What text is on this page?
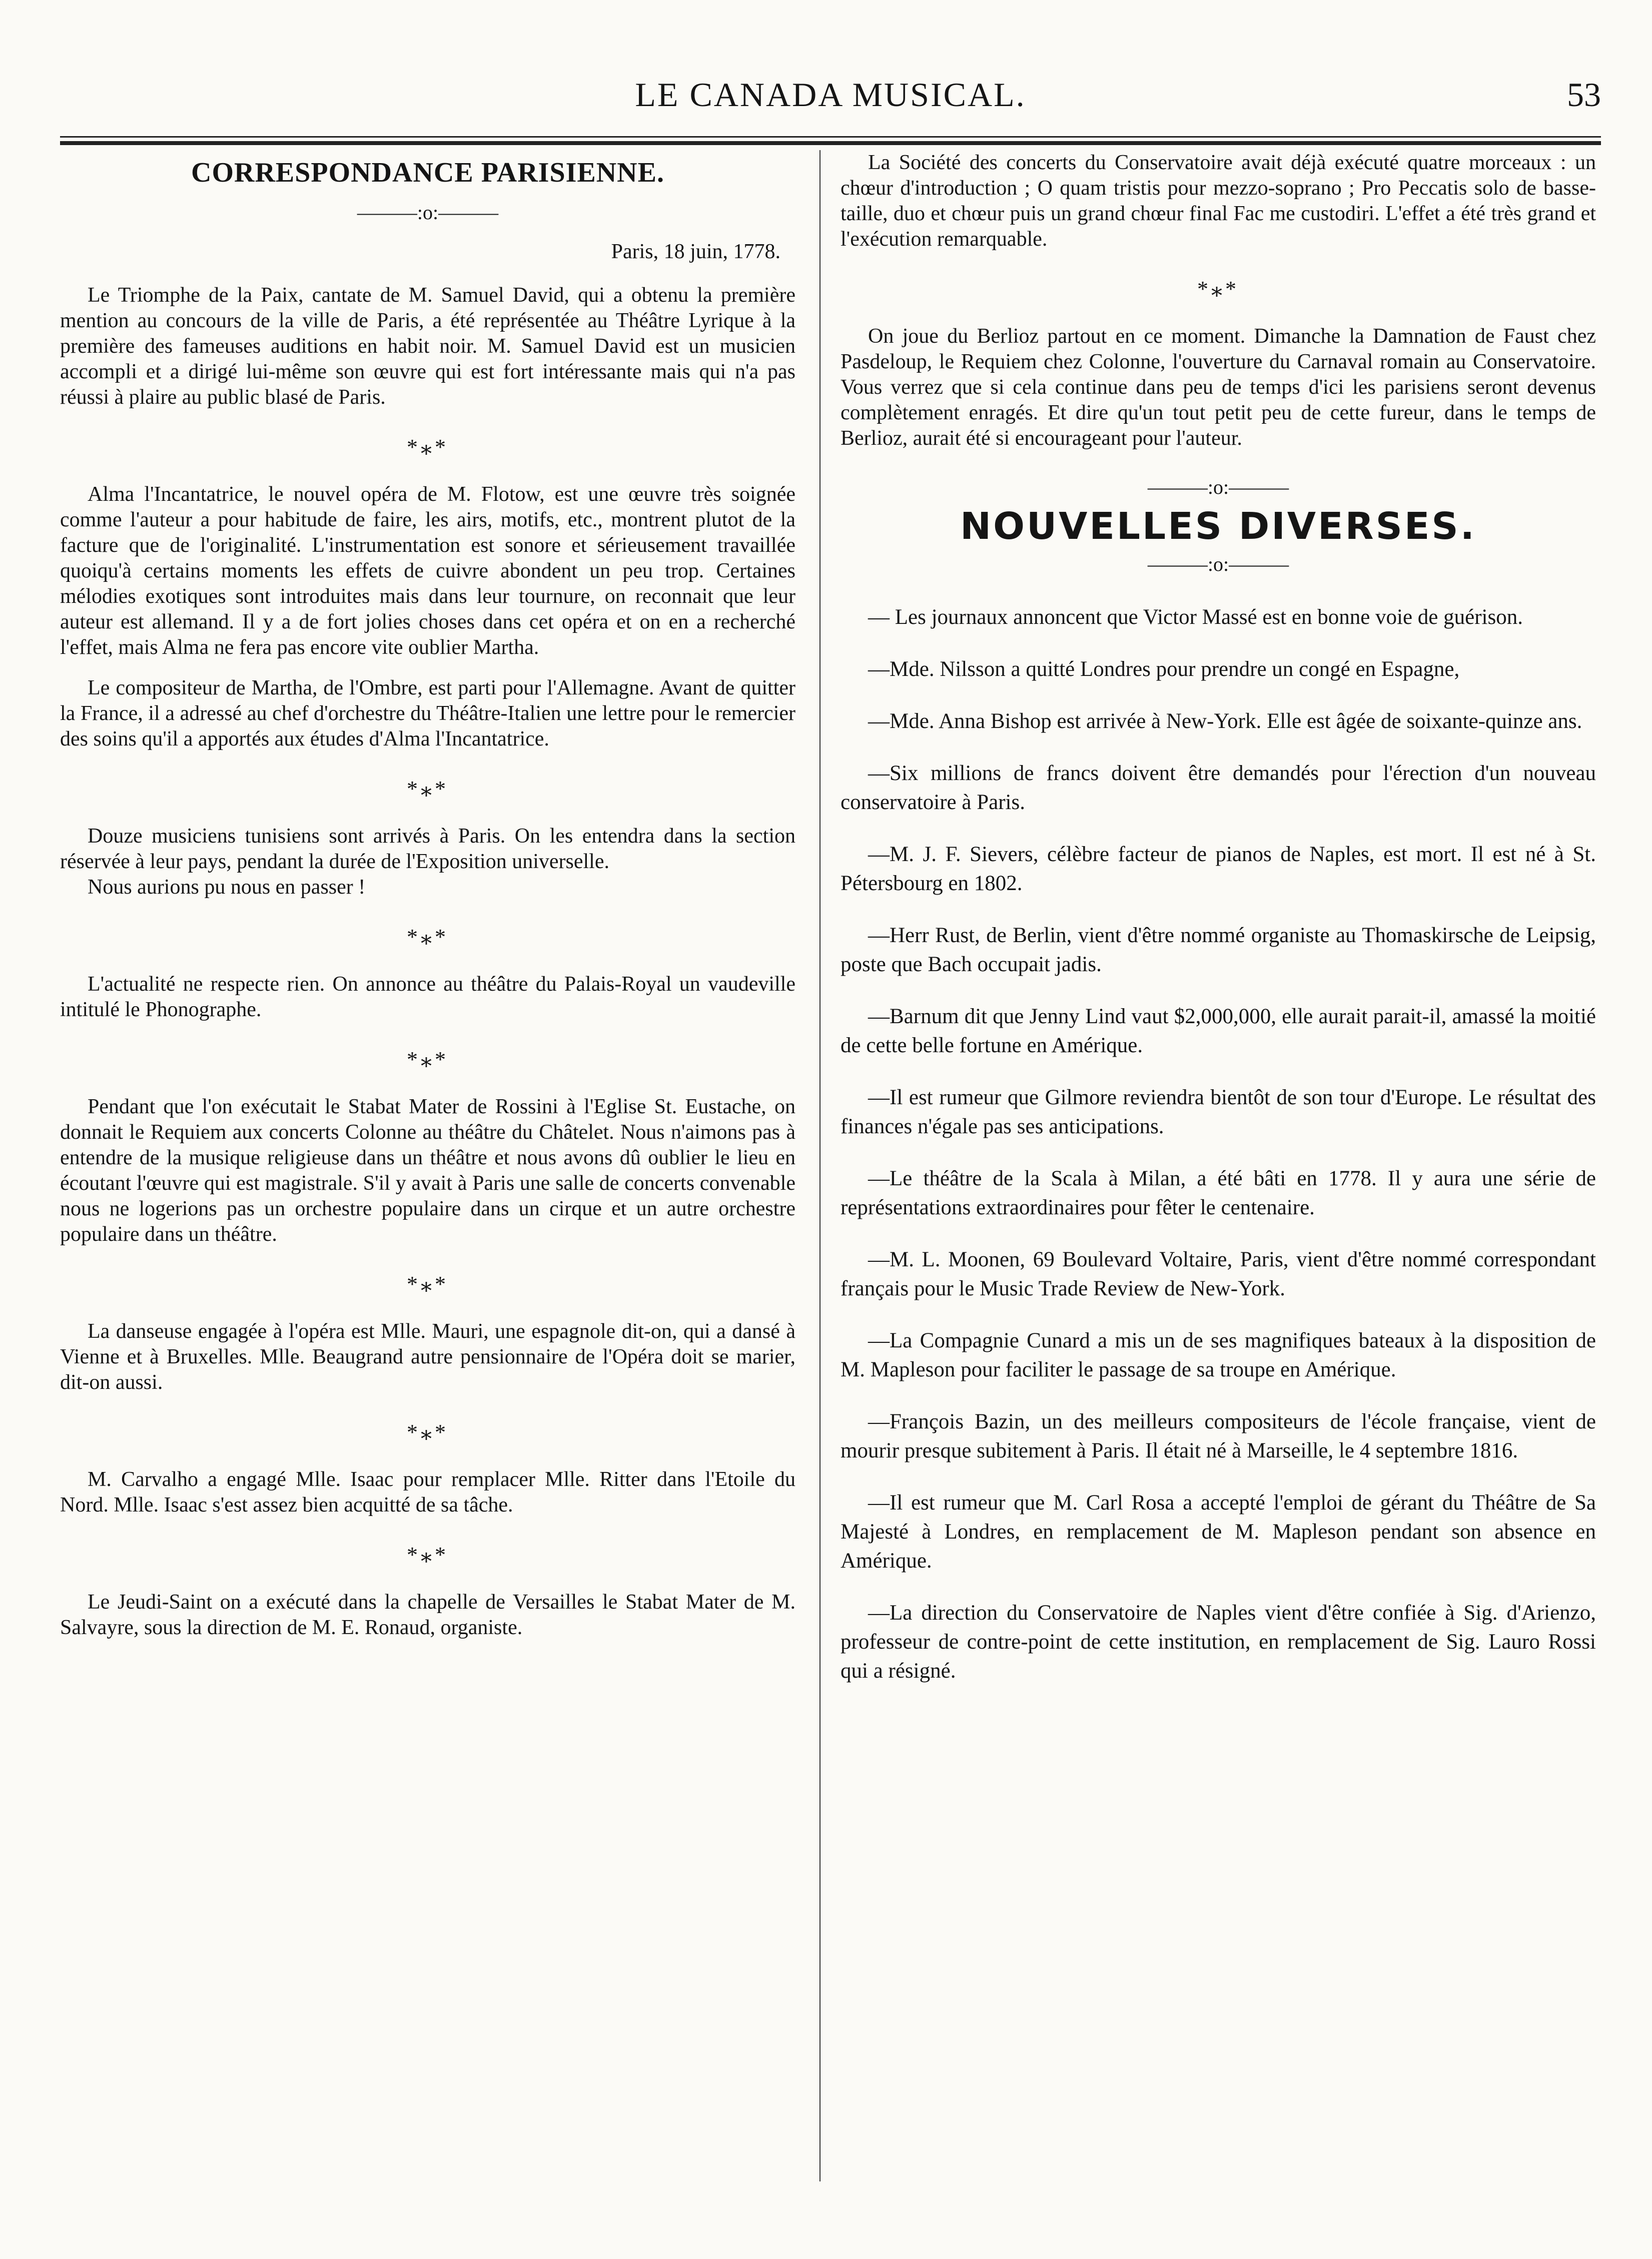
LE CANADA MUSICAL.	53
CORRESPONDANCE PARISIENNE.
———:o:———
Paris, 18 juin, 1778.

Le Triomphe de la Paix, cantate de M. Samuel David, qui a obtenu la première mention au concours de la ville de Paris, a été représentée au Théâtre Lyrique à la première des fameuses auditions en habit noir. M. Samuel David est un musicien accompli et a dirigé lui-même son œuvre qui est fort intéressante mais qui n'a pas réussi à plaire au public blasé de Paris.

*⁎*

Alma l'Incantatrice, le nouvel opéra de M. Flotow, est une œuvre très soignée comme l'auteur a pour habitude de faire, les airs, motifs, etc., montrent plutot de la facture que de l'originalité. L'instrumentation est sonore et sérieusement travaillée quoiqu'à certains moments les effets de cuivre abondent un peu trop. Certaines mélodies exotiques sont introduites mais dans leur tournure, on reconnait que leur auteur est allemand. Il y a de fort jolies choses dans cet opéra et on en a recherché l'effet, mais Alma ne fera pas encore vite oublier Martha.

Le compositeur de Martha, de l'Ombre, est parti pour l'Allemagne. Avant de quitter la France, il a adressé au chef d'orchestre du Théâtre-Italien une lettre pour le remercier des soins qu'il a apportés aux études d'Alma l'Incantatrice.

*⁎*

Douze musiciens tunisiens sont arrivés à Paris. On les entendra dans la section réservée à leur pays, pendant la durée de l'Exposition universelle.

Nous aurions pu nous en passer !

*⁎*

L'actualité ne respecte rien. On annonce au théâtre du Palais-Royal un vaudeville intitulé le Phonographe.

*⁎*

Pendant que l'on exécutait le Stabat Mater de Rossini à l'Eglise St. Eustache, on donnait le Requiem aux concerts Colonne au théâtre du Châtelet. Nous n'aimons pas à entendre de la musique religieuse dans un théâtre et nous avons dû oublier le lieu en écoutant l'œuvre qui est magistrale. S'il y avait à Paris une salle de concerts convenable nous ne logerions pas un orchestre populaire dans un cirque et un autre orchestre populaire dans un théâtre.

*⁎*

La danseuse engagée à l'opéra est Mlle. Mauri, une espagnole dit-on, qui a dansé à Vienne et à Bruxelles. Mlle. Beaugrand autre pensionnaire de l'Opéra doit se marier, dit-on aussi.

*⁎*

M. Carvalho a engagé Mlle. Isaac pour remplacer Mlle. Ritter dans l'Etoile du Nord. Mlle. Isaac s'est assez bien acquitté de sa tâche.

*⁎*

Le Jeudi-Saint on a exécuté dans la chapelle de Versailles le Stabat Mater de M. Salvayre, sous la direction de M. E. Ronaud, organiste.

La Société des concerts du Conservatoire avait déjà exécuté quatre morceaux : un chœur d'introduction ; O quam tristis pour mezzo-soprano ; Pro Peccatis solo de basse-taille, duo et chœur puis un grand chœur final Fac me custodiri. L'effet a été très grand et l'exécution remarquable.

*⁎*

On joue du Berlioz partout en ce moment. Dimanche la Damnation de Faust chez Pasdeloup, le Requiem chez Colonne, l'ouverture du Carnaval romain au Conservatoire. Vous verrez que si cela continue dans peu de temps d'ici les parisiens seront devenus complètement enragés. Et dire qu'un tout petit peu de cette fureur, dans le temps de Berlioz, aurait été si encourageant pour l'auteur.

———:o:———
NOUVELLES DIVERSES.
———:o:———

— Les journaux annoncent que Victor Massé est en bonne voie de guérison.

—Mde. Nilsson a quitté Londres pour prendre un congé en Espagne,

—Mde. Anna Bishop est arrivée à New-York. Elle est âgée de soixante-quinze ans.

—Six millions de francs doivent être demandés pour l'érection d'un nouveau conservatoire à Paris.

—M. J. F. Sievers, célèbre facteur de pianos de Naples, est mort. Il est né à St. Pétersbourg en 1802.

—Herr Rust, de Berlin, vient d'être nommé organiste au Thomaskirsche de Leipsig, poste que Bach occupait jadis.

—Barnum dit que Jenny Lind vaut $2,000,000, elle aurait parait-il, amassé la moitié de cette belle fortune en Amérique.

—Il est rumeur que Gilmore reviendra bientôt de son tour d'Europe. Le résultat des finances n'égale pas ses anticipations.

—Le théâtre de la Scala à Milan, a été bâti en 1778. Il y aura une série de représentations extraordinaires pour fêter le centenaire.

—M. L. Moonen, 69 Boulevard Voltaire, Paris, vient d'être nommé correspondant français pour le Music Trade Review de New-York.

—La Compagnie Cunard a mis un de ses magnifiques bateaux à la disposition de M. Mapleson pour faciliter le passage de sa troupe en Amérique.

—François Bazin, un des meilleurs compositeurs de l'école française, vient de mourir presque subitement à Paris. Il était né à Marseille, le 4 septembre 1816.

—Il est rumeur que M. Carl Rosa a accepté l'emploi de gérant du Théâtre de Sa Majesté à Londres, en remplacement de M. Mapleson pendant son absence en Amérique.

—La direction du Conservatoire de Naples vient d'être confiée à Sig. d'Arienzo, professeur de contre-point de cette institution, en remplacement de Sig. Lauro Rossi qui a résigné.
